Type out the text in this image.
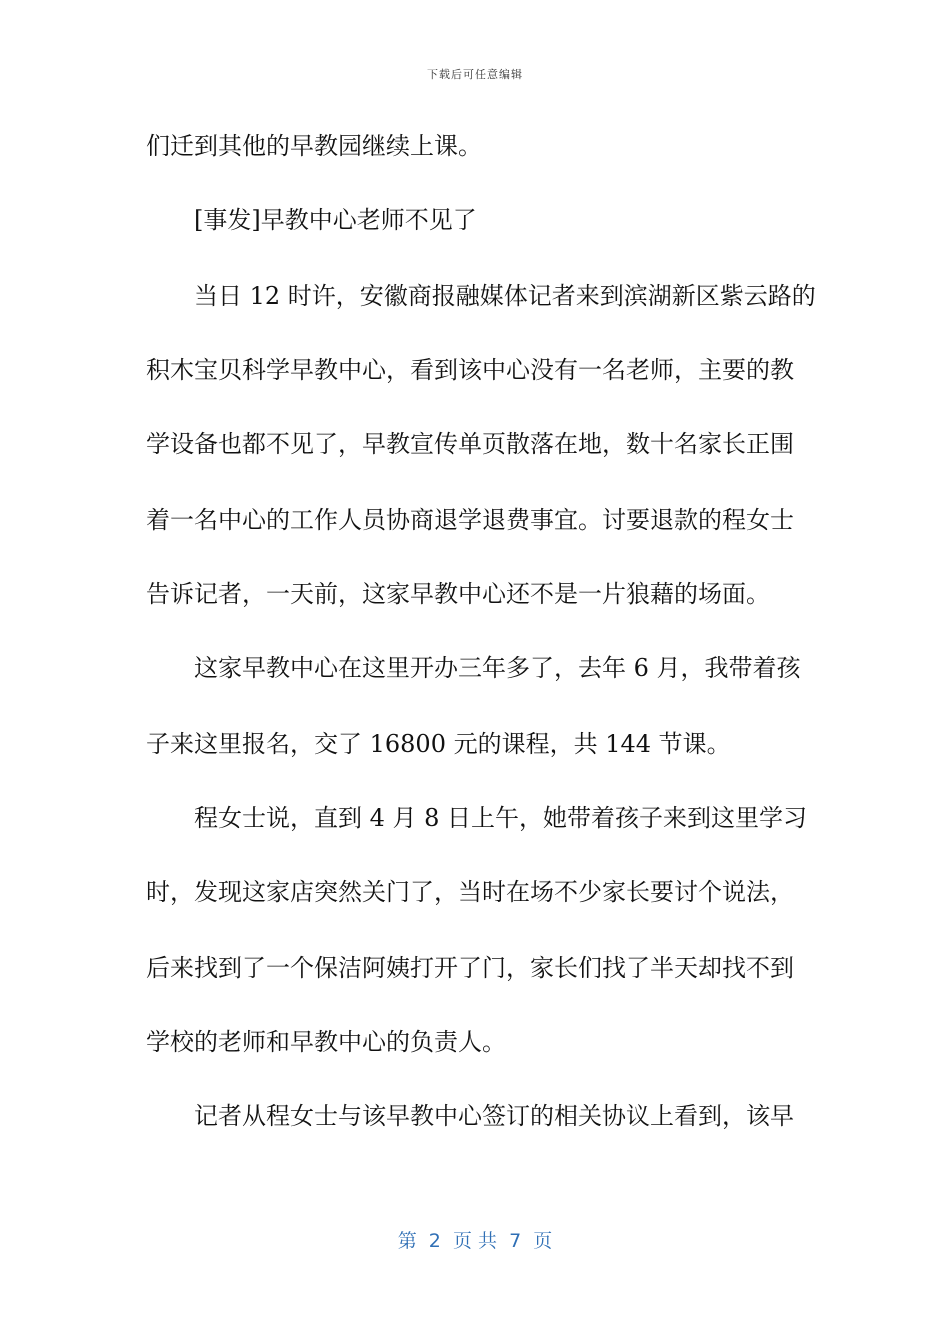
下载后可任意编辑
们迁到其他的早教园继续上课。
[事发]早教中心老师不见了
当日 12 时许，安徽商报融媒体记者来到滨湖新区紫云路的
积木宝贝科学早教中心，看到该中心没有一名老师，主要的教
学设备也都不见了，早教宣传单页散落在地，数十名家长正围
着一名中心的工作人员协商退学退费事宜。讨要退款的程女士
告诉记者，一天前，这家早教中心还不是一片狼藉的场面。
这家早教中心在这里开办三年多了，去年 6 月，我带着孩
子来这里报名，交了 16800 元的课程，共 144 节课。
程女士说，直到 4 月 8 日上午，她带着孩子来到这里学习
时，发现这家店突然关门了，当时在场不少家长要讨个说法，
后来找到了一个保洁阿姨打开了门，家长们找了半天却找不到
学校的老师和早教中心的负责人。
记者从程女士与该早教中心签订的相关协议上看到，该早
第  2  页 共  7  页
